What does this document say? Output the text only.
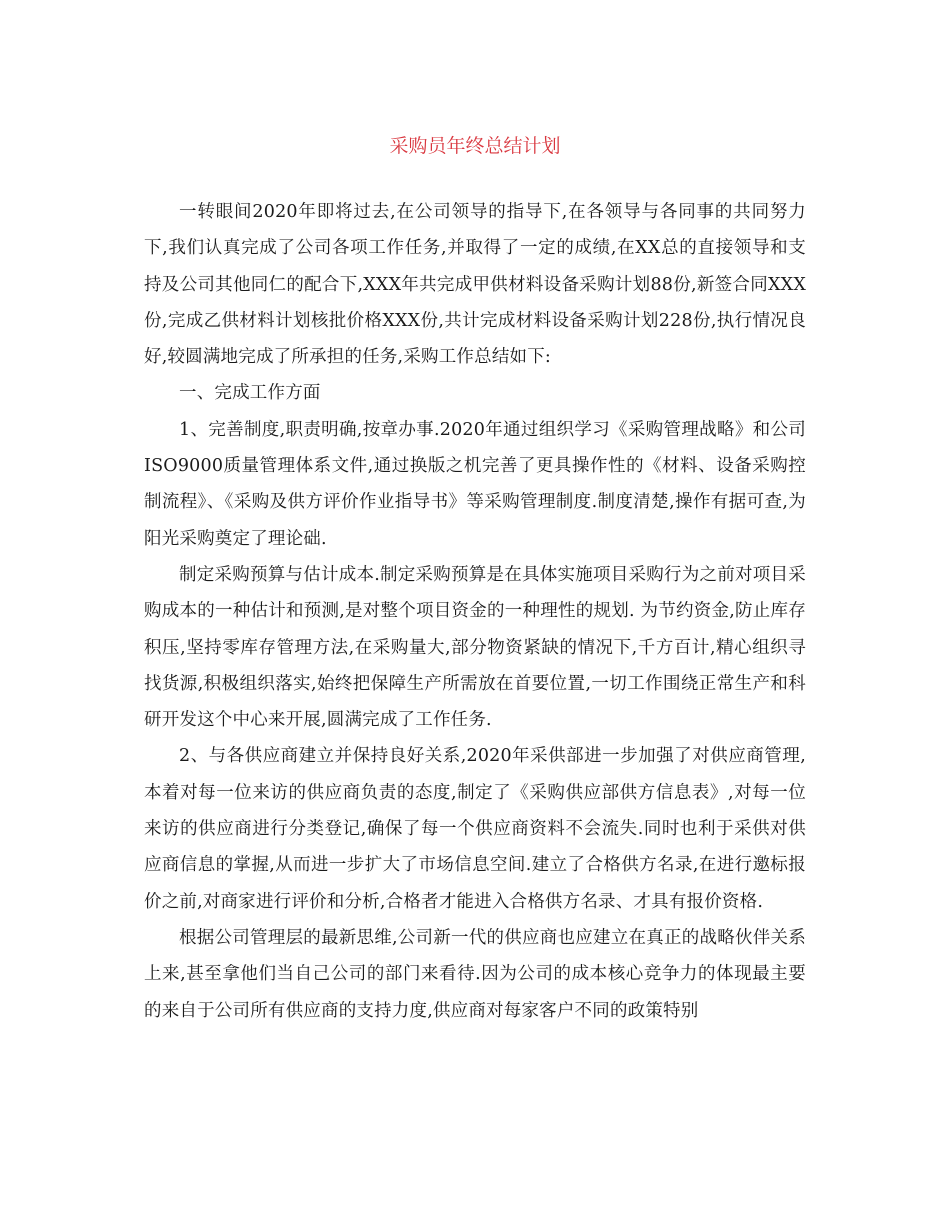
采购员年终总结计划

一转眼间2020年即将过去,在公司领导的指导下,在各领导与各同事的共同努力下,我们认真完成了公司各项工作任务,并取得了一定的成绩,在XX总的直接领导和支持及公司其他同仁的配合下,XXX年共完成甲供材料设备采购计划88份,新签合同XXX份,完成乙供材料计划核批价格XXX份,共计完成材料设备采购计划228份,执行情况良好,较圆满地完成了所承担的任务,采购工作总结如下:

一、完成工作方面

1、完善制度,职责明确,按章办事.2020年通过组织学习《采购管理战略》和公司ISO9000质量管理体系文件,通过换版之机完善了更具操作性的《材料、设备采购控制流程》、《采购及供方评价作业指导书》等采购管理制度.制度清楚,操作有据可查,为阳光采购奠定了理论础.

制定采购预算与估计成本.制定采购预算是在具体实施项目采购行为之前对项目采购成本的一种估计和预测,是对整个项目资金的一种理性的规划. 为节约资金,防止库存积压,坚持零库存管理方法,在采购量大,部分物资紧缺的情况下,千方百计,精心组织寻找货源,积极组织落实,始终把保障生产所需放在首要位置,一切工作围绕正常生产和科研开发这个中心来开展,圆满完成了工作任务.

2、与各供应商建立并保持良好关系,2020年采供部进一步加强了对供应商管理,本着对每一位来访的供应商负责的态度,制定了《采购供应部供方信息表》,对每一位来访的供应商进行分类登记,确保了每一个供应商资料不会流失.同时也利于采供对供应商信息的掌握,从而进一步扩大了市场信息空间.建立了合格供方名录,在进行邀标报价之前,对商家进行评价和分析,合格者才能进入合格供方名录、才具有报价资格.

根据公司管理层的最新思维,公司新一代的供应商也应建立在真正的战略伙伴关系上来,甚至拿他们当自己公司的部门来看待.因为公司的成本核心竞争力的体现最主要的来自于公司所有供应商的支持力度,供应商对每家客户不同的政策特别
